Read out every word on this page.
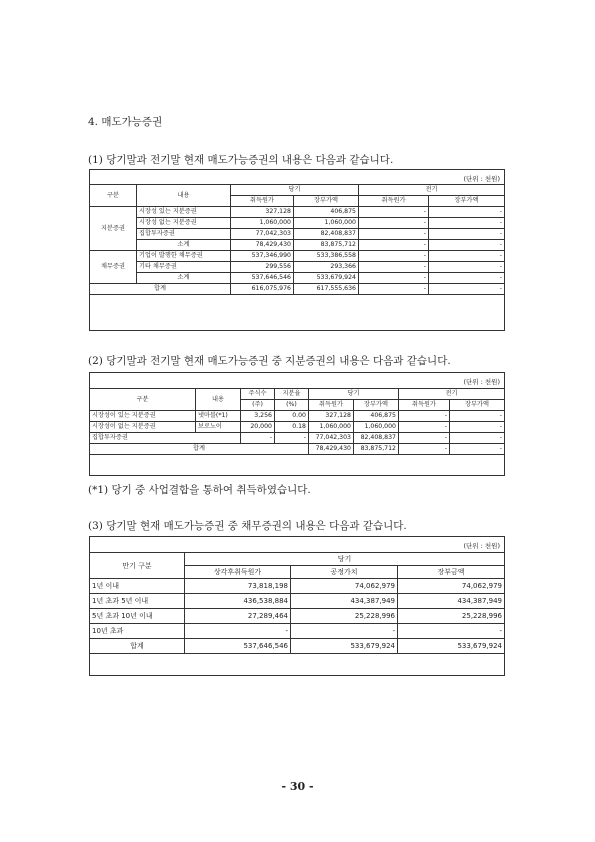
4. 매도가능증권
(1) 당기말과 전기말 현재 매도가능증권의 내용은 다음과 같습니다.
(단위 : 천원)
구분	내용	당기		전기	
		취득원가	장부가액	취득원가	장부가액
지분증권	시장성 있는 지분증권	327,128	406,875	-	-
	시장성 없는 지분증권	1,060,000	1,060,000	-	-
	집합투자증권	77,042,303	82,408,837	-	-
	소계	78,429,430	83,875,712	-	-
채무증권	기업이 발행한 채무증권	537,346,990	533,386,558	-	-
	기타 채무증권	299,556	293,366	-	-
	소계	537,646,546	533,679,924	-	-
합계		616,075,976	617,555,636	-	-
(2) 당기말과 전기말 현재 매도가능증권 중 지분증권의 내용은 다음과 같습니다.
(단위 : 천원)
구분	내용	주식수	지분율	당기		전기	
		(주)	(%)	취득원가	장부가액	취득원가	장부가액
시장성이 있는 지분증권	넷마블(*1)	3,256	0.00	327,128	406,875	-	-
시장성이 없는 지분증권	보로노이	20,000	0.18	1,060,000	1,060,000	-	-
집합투자증권		-	-	77,042,303	82,408,837	-	-
합계				78,429,430	83,875,712	-	-
(*1) 당기 중 사업결합을 통하여 취득하였습니다.
(3) 당기말 현재 매도가능증권 중 채무증권의 내용은 다음과 같습니다.
(단위 : 천원)
만기 구분	당기		
	상각후취득원가	공정가치	장부금액
1년 이내	73,818,198	74,062,979	74,062,979
1년 초과 5년 이내	436,538,884	434,387,949	434,387,949
5년 초과 10년 이내	27,289,464	25,228,996	25,228,996
10년 초과	-	-	-
합계	537,646,546	533,679,924	533,679,924
- 30 -
